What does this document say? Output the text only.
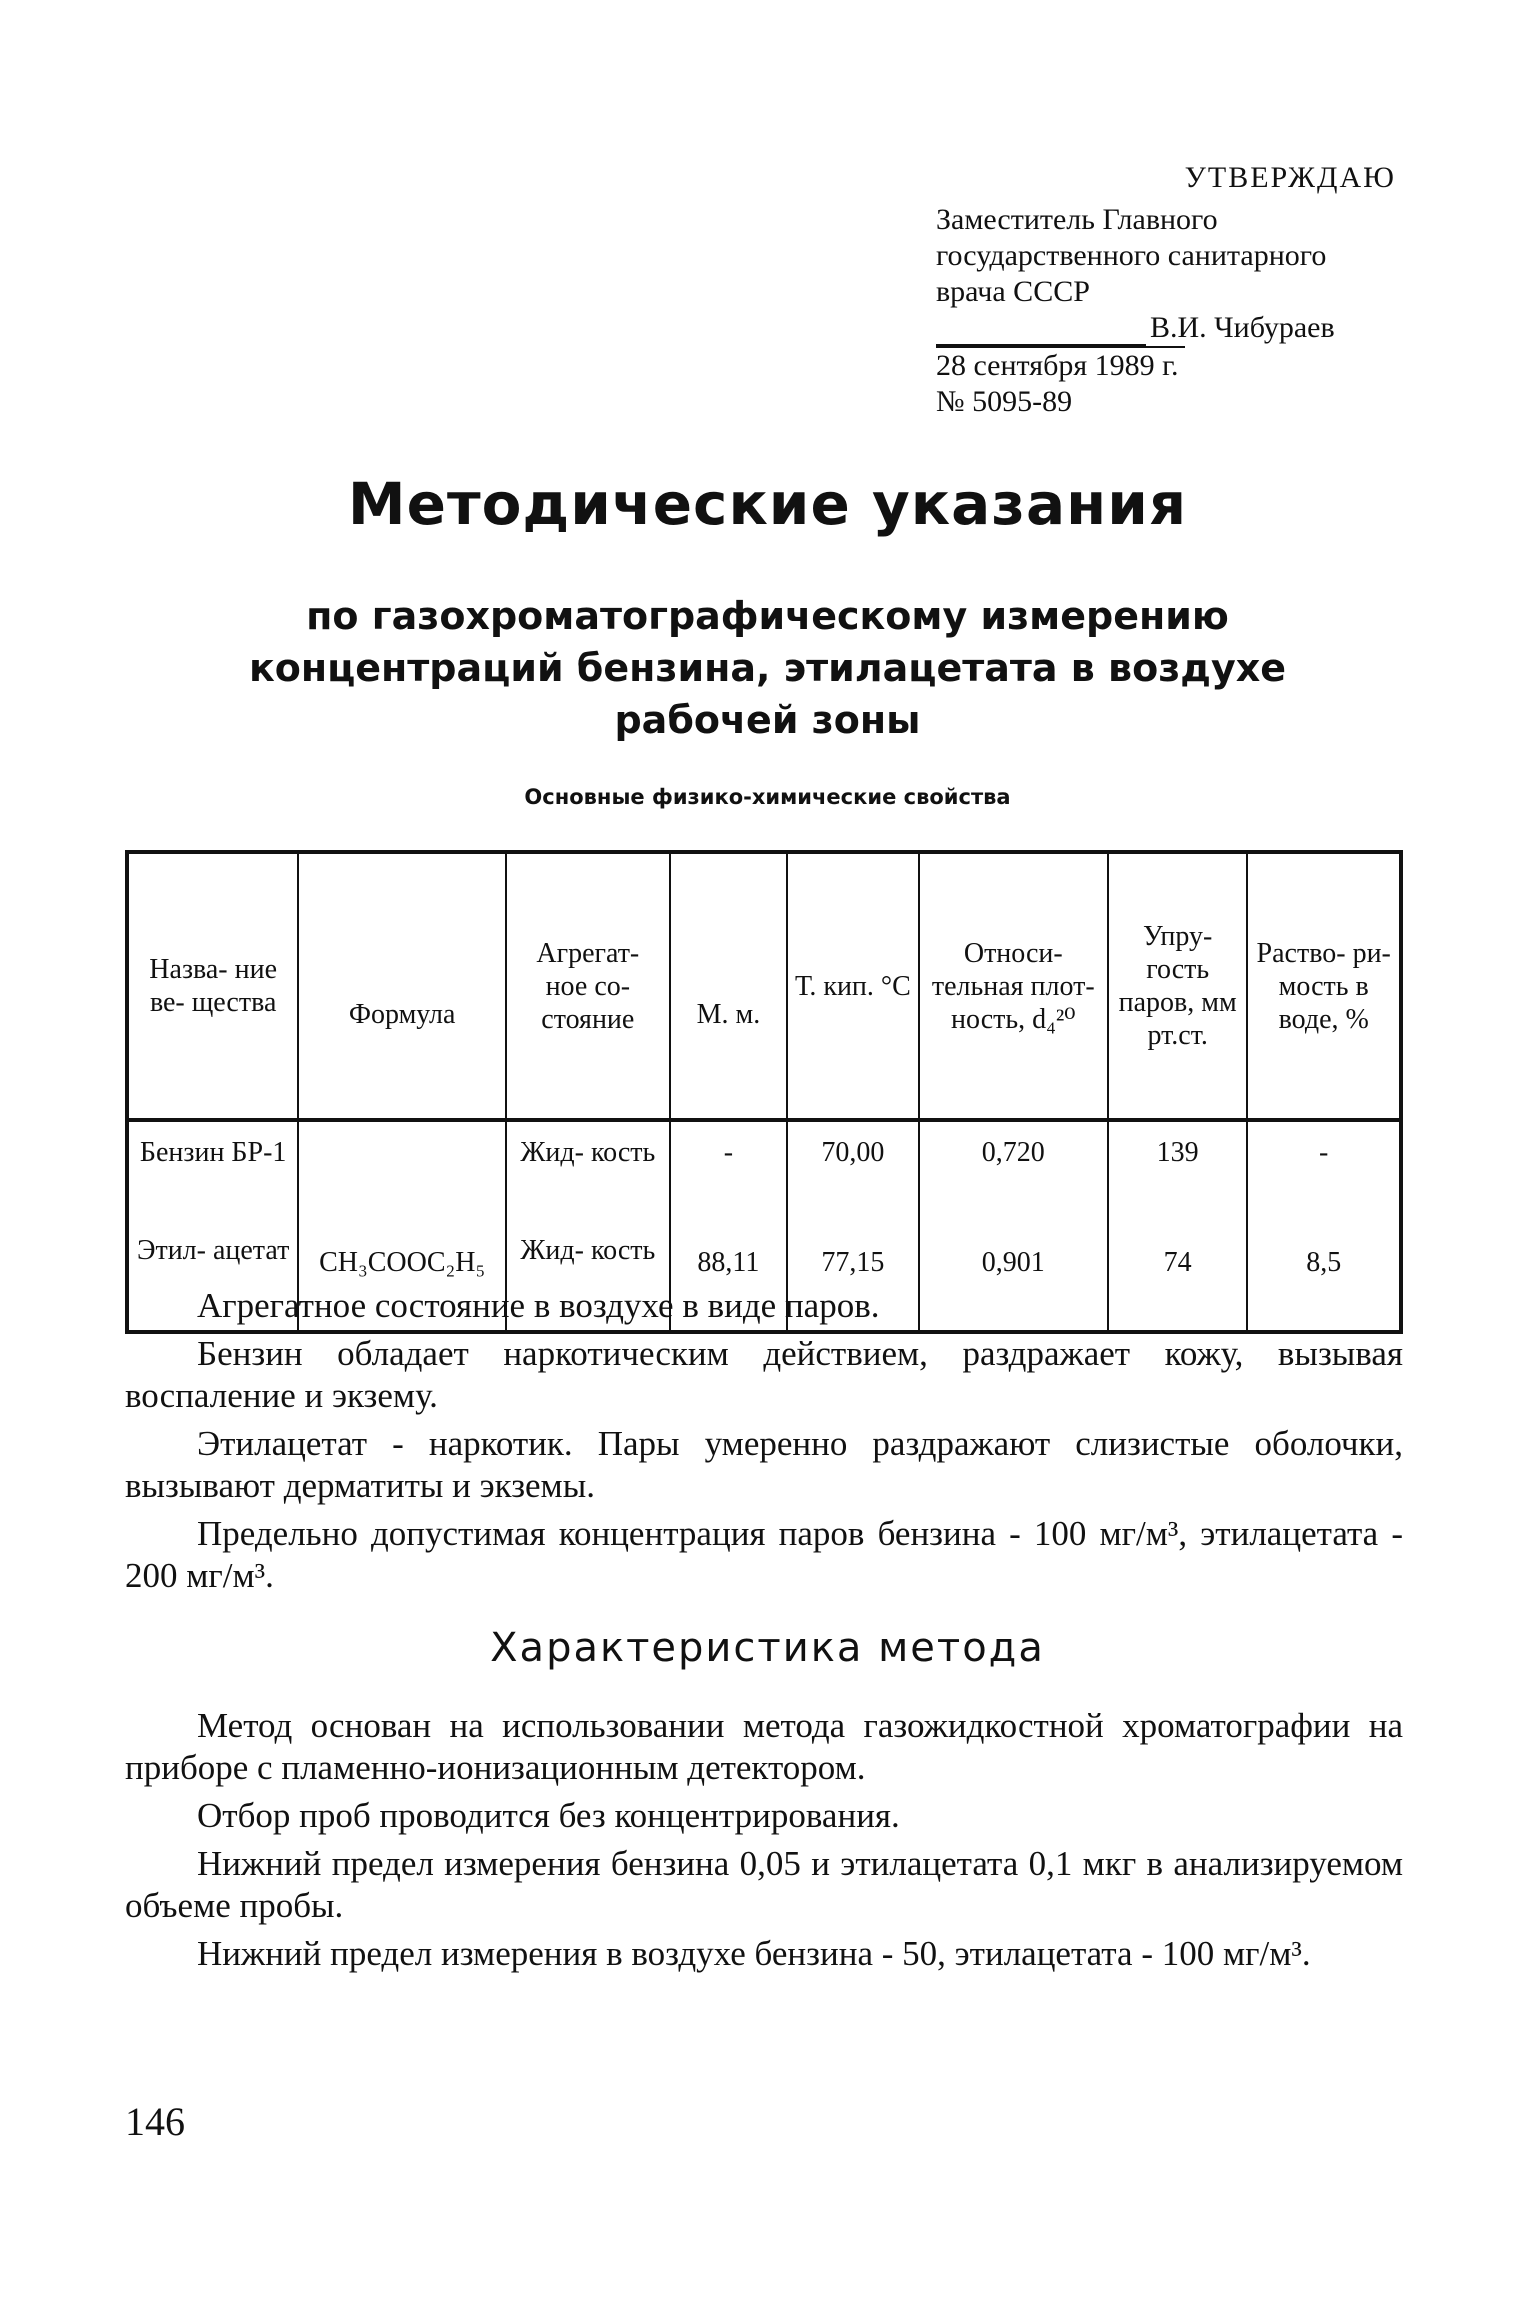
УТВЕРЖДАЮ
Заместитель Главного
государственного санитарного
врача СССР
В.И. Чибураев
28 сентября 1989 г.
№ 5095-89
Методические указания
по газохроматографическому измерению
концентраций бензина, этилацетата в воздухе
рабочей зоны
Основные физико-химические свойства
Назва- ние ве- щества	Формула	Агрегат- ное со- стояние	М. м.	Т. кип. °С	Относи- тельная плот- ность, d₄²⁰	Упру- гость паров, мм рт.ст.	Раство- ри- мость в воде, %
Бензин БР-1		Жид- кость	-	70,00	0,720	139	-
Этил- ацетат	CH₃COOC₂H₅	Жид- кость	88,11	77,15	0,901	74	8,5

Агрегатное состояние в воздухе в виде паров.

Бензин обладает наркотическим действием, раздражает кожу, вызывая воспаление и экзему.

Этилацетат - наркотик. Пары умеренно раздражают слизистые оболочки, вызывают дерматиты и экземы.

Предельно допустимая концентрация паров бензина - 100 мг/м³, этилацетата - 200 мг/м³.

Характеристика метода

Метод основан на использовании метода газожидкостной хроматографии на приборе с пламенно-ионизационным детектором.

Отбор проб проводится без концентрирования.

Нижний предел измерения бензина 0,05 и этилацетата 0,1 мкг в анализируемом объеме пробы.

Нижний предел измерения в воздухе бензина - 50, этилацетата - 100 мг/м³.

146
